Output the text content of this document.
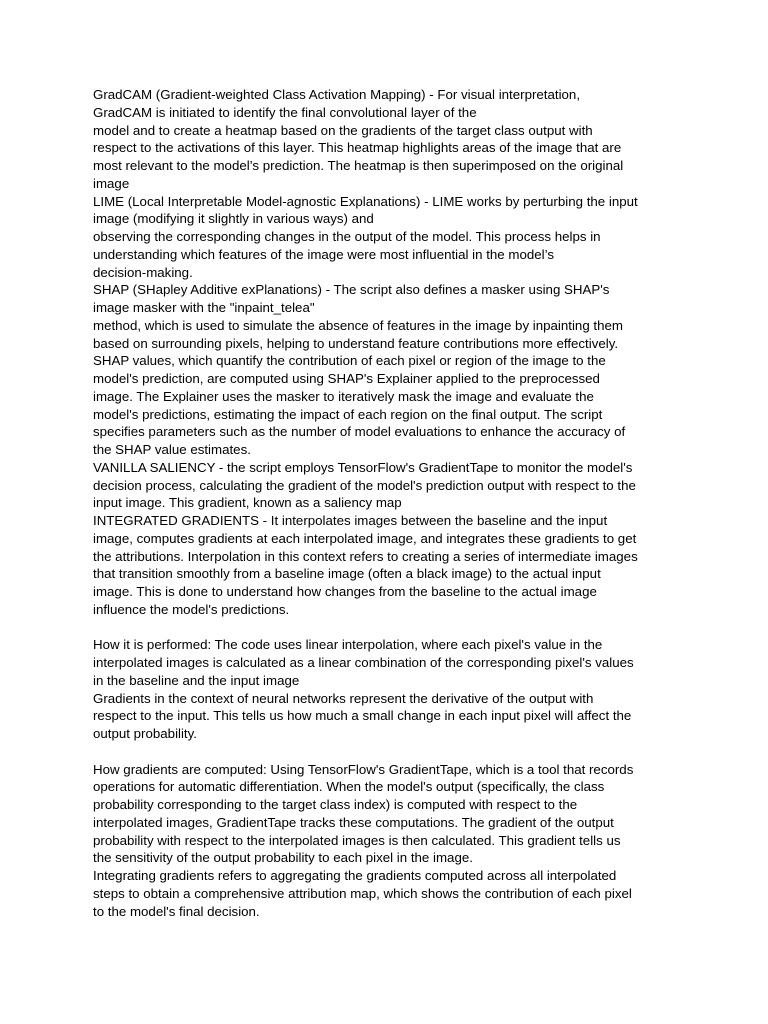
GradCAM (Gradient-weighted Class Activation Mapping) - For visual interpretation,
GradCAM is initiated to identify the final convolutional layer of the
model and to create a heatmap based on the gradients of the target class output with
respect to the activations of this layer. This heatmap highlights areas of the image that are
most relevant to the model’s prediction. The heatmap is then superimposed on the original
image
LIME (Local Interpretable Model-agnostic Explanations) - LIME works by perturbing the input
image (modifying it slightly in various ways) and
observing the corresponding changes in the output of the model. This process helps in
understanding which features of the image were most influential in the model’s
decision-making.
SHAP (SHapley Additive exPlanations) - The script also defines a masker using SHAP's
image masker with the "inpaint_telea"
method, which is used to simulate the absence of features in the image by inpainting them
based on surrounding pixels, helping to understand feature contributions more effectively.
SHAP values, which quantify the contribution of each pixel or region of the image to the
model's prediction, are computed using SHAP's Explainer applied to the preprocessed
image. The Explainer uses the masker to iteratively mask the image and evaluate the
model's predictions, estimating the impact of each region on the final output. The script
specifies parameters such as the number of model evaluations to enhance the accuracy of
the SHAP value estimates.
VANILLA SALIENCY - the script employs TensorFlow's GradientTape to monitor the model's
decision process, calculating the gradient of the model's prediction output with respect to the
input image. This gradient, known as a saliency map
INTEGRATED GRADIENTS - It interpolates images between the baseline and the input
image, computes gradients at each interpolated image, and integrates these gradients to get
the attributions. Interpolation in this context refers to creating a series of intermediate images
that transition smoothly from a baseline image (often a black image) to the actual input
image. This is done to understand how changes from the baseline to the actual image
influence the model's predictions.
How it is performed: The code uses linear interpolation, where each pixel's value in the
interpolated images is calculated as a linear combination of the corresponding pixel's values
in the baseline and the input image
Gradients in the context of neural networks represent the derivative of the output with
respect to the input. This tells us how much a small change in each input pixel will affect the
output probability.
How gradients are computed: Using TensorFlow's GradientTape, which is a tool that records
operations for automatic differentiation. When the model's output (specifically, the class
probability corresponding to the target class index) is computed with respect to the
interpolated images, GradientTape tracks these computations. The gradient of the output
probability with respect to the interpolated images is then calculated. This gradient tells us
the sensitivity of the output probability to each pixel in the image.
Integrating gradients refers to aggregating the gradients computed across all interpolated
steps to obtain a comprehensive attribution map, which shows the contribution of each pixel
to the model's final decision.
